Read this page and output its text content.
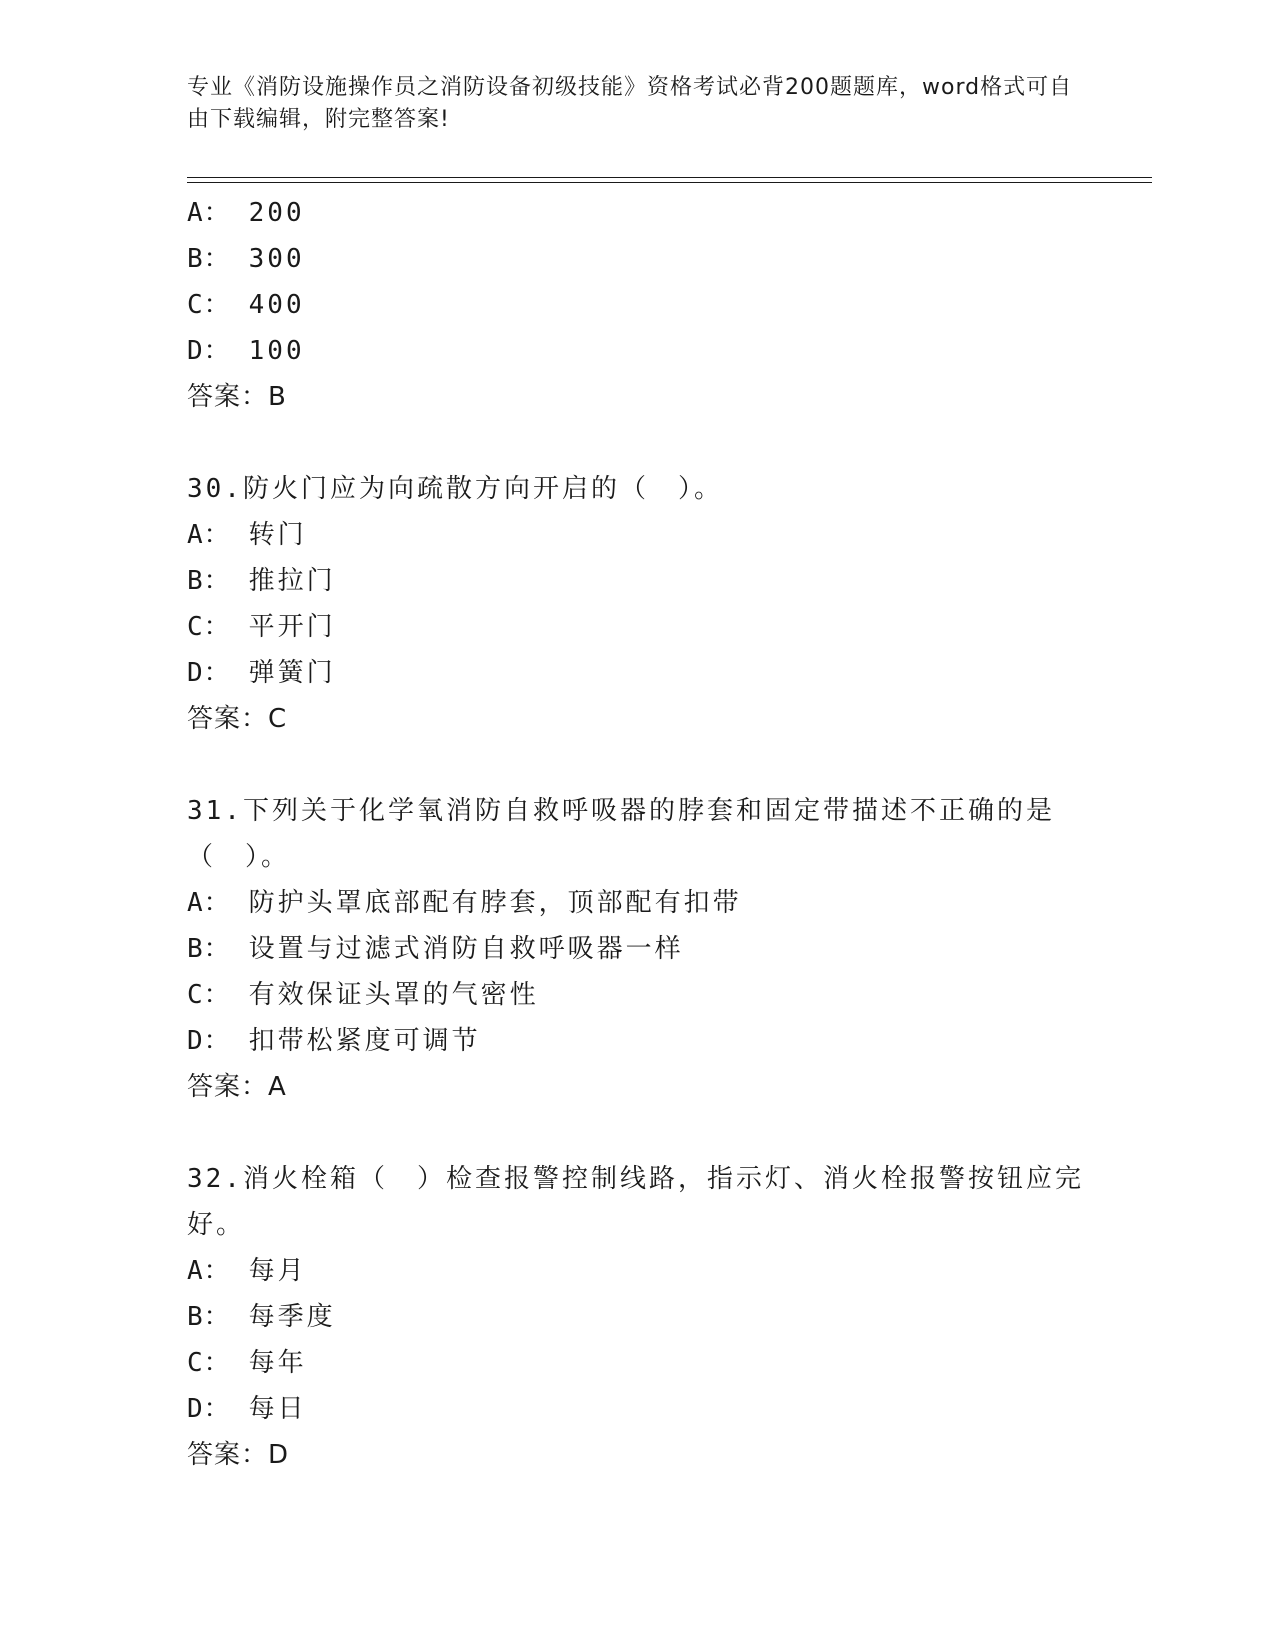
专业《消防设施操作员之消防设备初级技能》资格考试必背200题题库，word格式可自由下载编辑，附完整答案!
A： 200
B： 300
C： 400
D： 100
答案：B
30.防火门应为向疏散方向开启的（　）。
A： 转门
B： 推拉门
C： 平开门
D： 弹簧门
答案：C
31.下列关于化学氧消防自救呼吸器的脖套和固定带描述不正确的是（　）。
A： 防护头罩底部配有脖套，顶部配有扣带
B： 设置与过滤式消防自救呼吸器一样
C： 有效保证头罩的气密性
D： 扣带松紧度可调节
答案：A
32.消火栓箱（　）检查报警控制线路，指示灯、消火栓报警按钮应完好。
A： 每月
B： 每季度
C： 每年
D： 每日
答案：D
